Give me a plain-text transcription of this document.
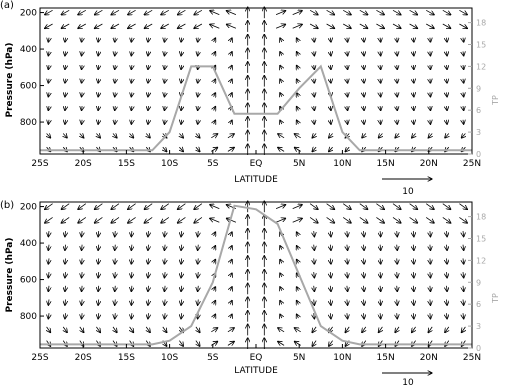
(a)
Pressure (hPa)	TP
LATITUDE
10
25S	20S	15S	10S	5S	EQ	5N	10N	15N	20N	25N
200
400
600
800
0
3
6
9
12
15
18
(b)
Pressure (hPa)	TP
LATITUDE
10
25S	20S	15S	10S	5S	EQ	5N	10N	15N	20N	25N
200
400
600
800
0
3
6
9
12
15
18
